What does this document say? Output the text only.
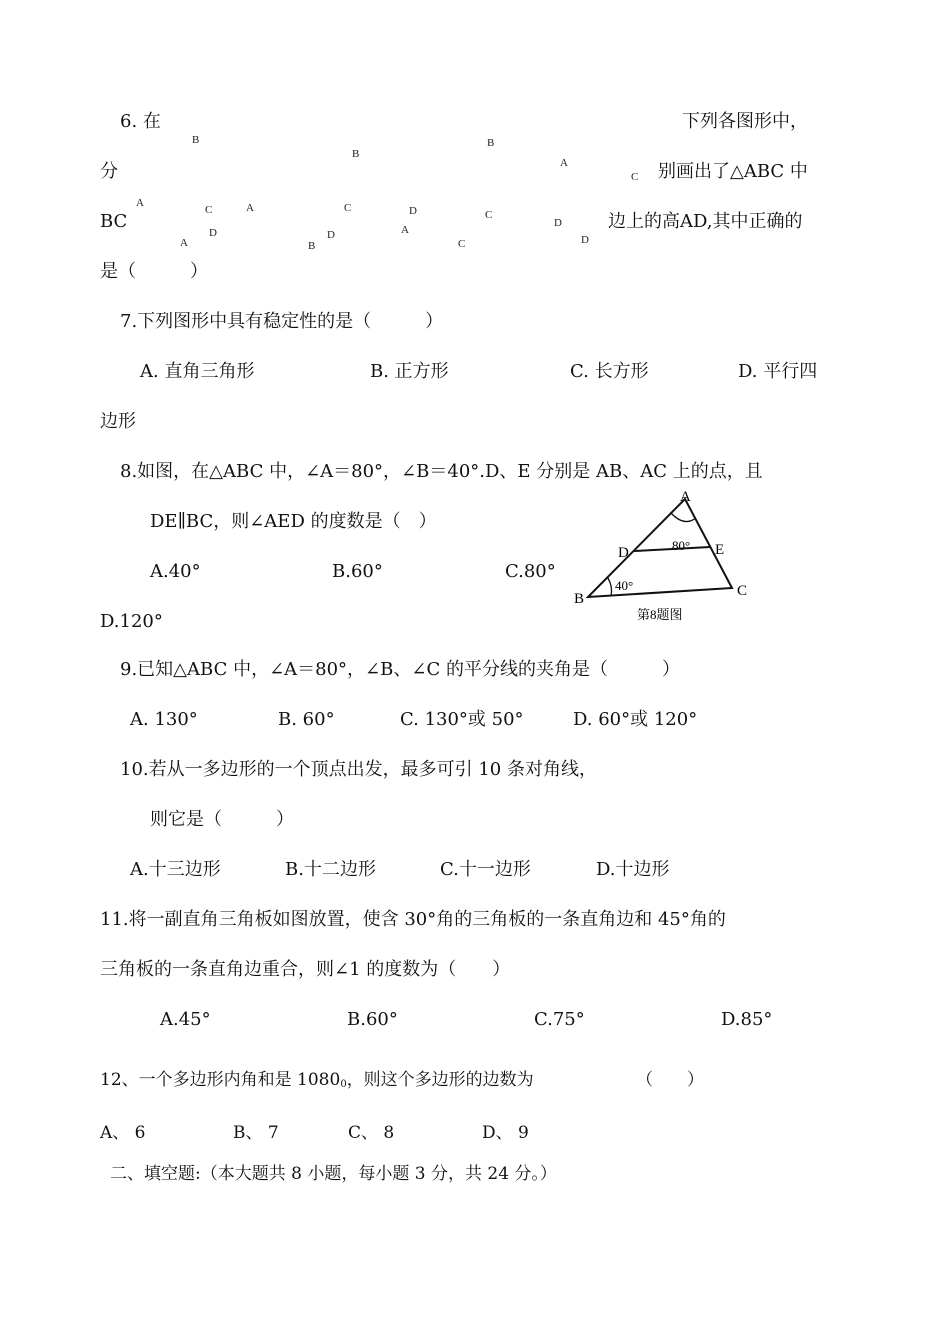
6. 在	下列各图形中，
分	别画出了△ABC 中
BC	边上的高AD,其中正确的
是（　　　）
B
B
B
A
C
A
C	A	C	D	C
A
D	D
B
D
A
C	D
7.下列图形中具有稳定性的是（　　　）
A. 直角三角形	B. 正方形	C. 长方形	D. 平行四
边形
8.如图，在△ABC 中，∠A＝80°，∠B＝40°.D、E 分别是 AB、AC 上的点，且
DE∥BC，则∠AED 的度数是（　）
A.40°	B.60°	C.80°
D.120°
A
B	C
D	E
80°
40°
第8题图
9.已知△ABC 中，∠A＝80°，∠B、∠C 的平分线的夹角是（　　　）
A. 130°	B. 60°	C. 130°或 50°	D. 60°或 120°
10.若从一多边形的一个顶点出发，最多可引 10 条对角线，
则它是（　　　）
A.十三边形	B.十二边形	C.十一边形	D.十边形
11.将一副直角三角板如图放置，使含 30°角的三角板的一条直角边和 45°角的
三角板的一条直角边重合，则∠1 的度数为（　　）
A.45°	B.60°	C.75°	D.85°
12、一个多边形内角和是 10800，则这个多边形的边数为	（　　）
A、 6	B、 7	C、 8	D、 9
二、填空题:（本大题共 8 小题，每小题 3 分，共 24 分。）
